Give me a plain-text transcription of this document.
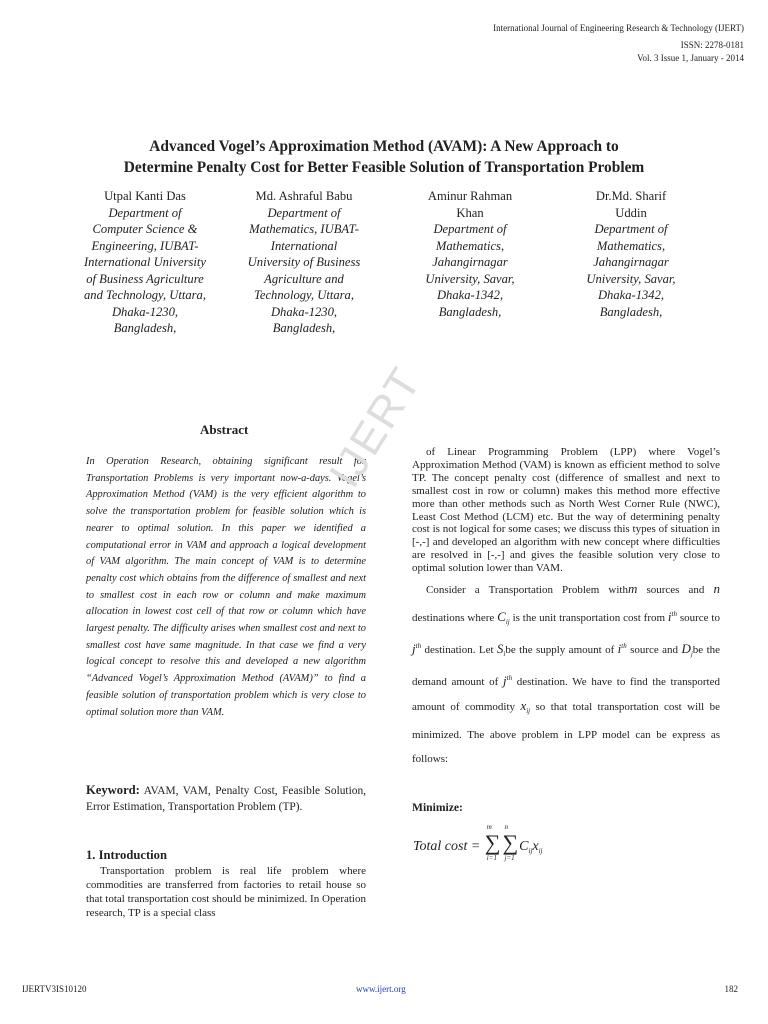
International Journal of Engineering Research & Technology (IJERT)
ISSN: 2278-0181
Vol. 3 Issue 1, January - 2014
Advanced Vogel’s Approximation Method (AVAM): A New Approach to
Determine Penalty Cost for Better Feasible Solution of Transportation Problem
Utpal Kanti Das
Department of Computer Science & Engineering, IUBAT-International University of Business Agriculture and Technology, Uttara, Dhaka-1230, Bangladesh,
Md. Ashraful Babu
Department of Mathematics, IUBAT-International University of Business Agriculture and Technology, Uttara, Dhaka-1230, Bangladesh,
Aminur Rahman Khan
Department of Mathematics, Jahangirnagar University, Savar, Dhaka-1342, Bangladesh,
Dr.Md. Sharif Uddin
Department of Mathematics, Jahangirnagar University, Savar, Dhaka-1342, Bangladesh,
Abstract
In Operation Research, obtaining significant result for Transportation Problems is very important now-a-days. Vogel’s Approximation Method (VAM) is the very efficient algorithm to solve the transportation problem for feasible solution which is nearer to optimal solution. In this paper we identified a computational error in VAM and approach a logical development of VAM algorithm. The main concept of VAM is to determine penalty cost which obtains from the difference of smallest and next to smallest cost in each row or column and make maximum allocation in lowest cost cell of that row or column which have largest penalty. The difficulty arises when smallest cost and next to smallest cost have same magnitude. In that case we find a very logical concept to resolve this and developed a new algorithm “Advanced Vogel’s Approximation Method (AVAM)” to find a feasible solution of transportation problem which is very close to optimal solution more than VAM.
IJERT
Keyword: AVAM, VAM, Penalty Cost, Feasible Solution, Error Estimation, Transportation Problem (TP).
1. Introduction
Transportation problem is real life problem where commodities are transferred from factories to retail house so that total transportation cost should be minimized. In Operation research, TP is a special class

of Linear Programming Problem (LPP) where Vogel’s Approximation Method (VAM) is known as efficient method to solve TP. The concept penalty cost (difference of smallest and next to smallest cost in row or column) makes this method more effective more than other methods such as North West Corner Rule (NWC), Least Cost Method (LCM) etc. But the way of determining penalty cost is not logical for some cases; we discuss this types of situation in [-,-] and developed an algorithm with new concept where difficulties are resolved in [-,-] and gives the feasible solution very close to optimal solution lower than VAM.

Consider a Transportation Problem withm sources and n destinations where $C_{ij}$ is the unit transportation cost from $i^{th}$ source to $j^{th}$ destination. Let $S_ibe$ the supply amount of $i^{th}$ source and $D_jbe$ the demand amount of $j^{th}$ destination. We have to find the transported amount of commodity $x_{ij}$ so that total transportation cost will be minimized. The above problem in LPP model can be express as follows:

Minimize:
Total cost = ∑
m
i=1
∑
n
j=1
$C_{ij}x_{ij}$
IJERTV3IS10120	www.ijert.org	182
